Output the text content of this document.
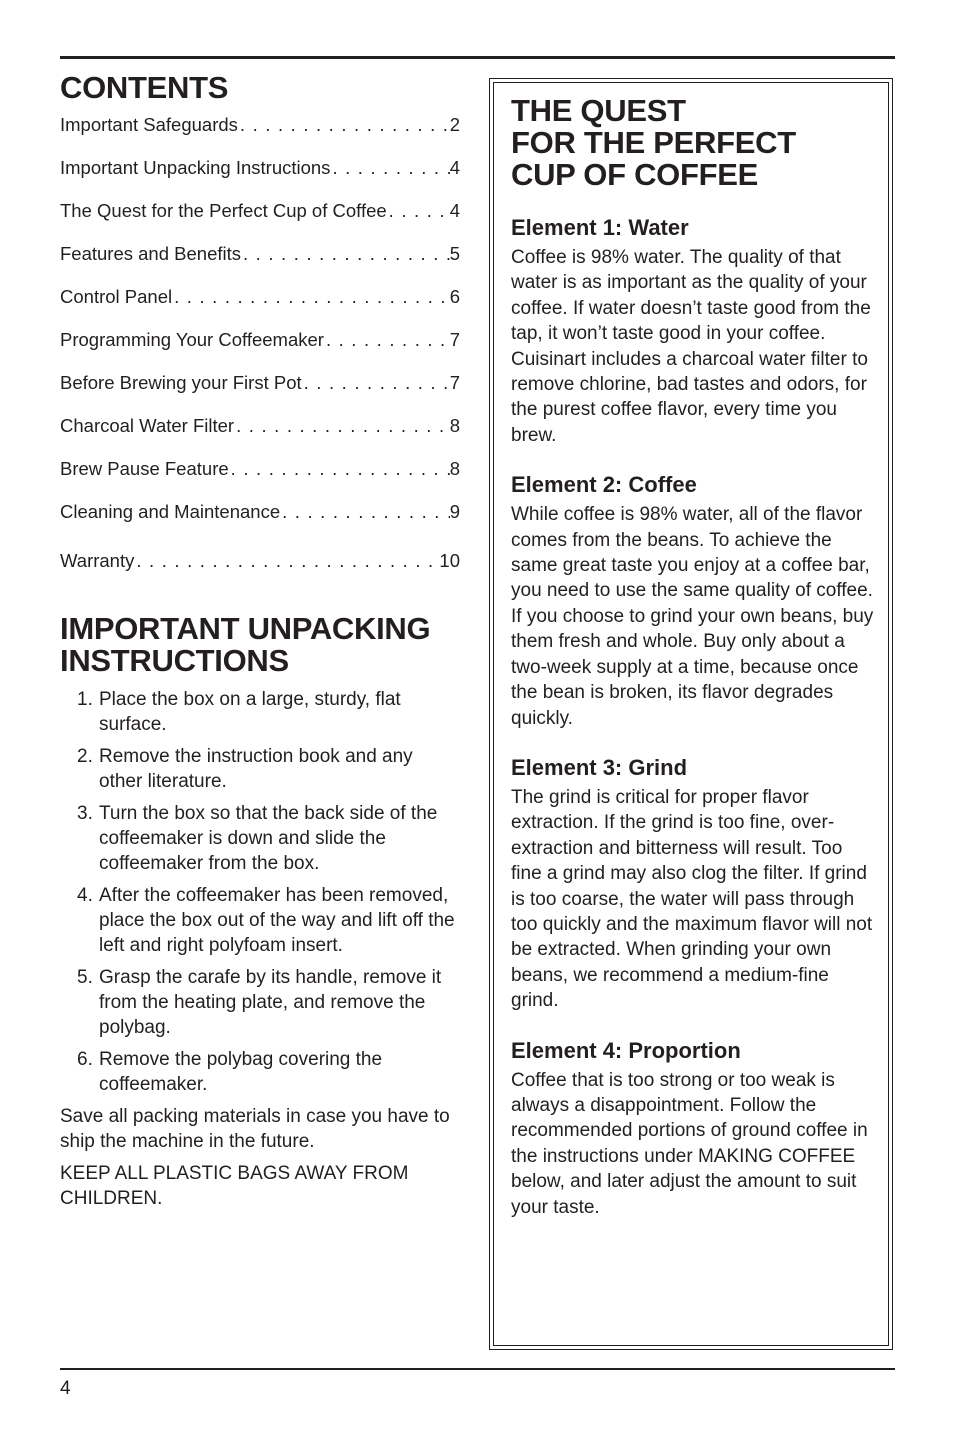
CONTENTS
Important Safeguards . . .	2
Important Unpacking Instructions . . .	4
The Quest for the Perfect Cup of Coffee . . .	4
Features and Benefits . . .	5
Control Panel . . .	6
Programming Your Coffeemaker . . .	7
Before Brewing your First Pot . . .	7
Charcoal Water Filter . . .	8
Brew Pause Feature . . .	8
Cleaning and Maintenance . . .	9
Warranty . . .	10
IMPORTANT UNPACKING
INSTRUCTIONS
1. Place the box on a large, sturdy, flat surface.
2. Remove the instruction book and any other literature.
3. Turn the box so that the back side of the coffeemaker is down and slide the coffeemaker from the box.
4. After the coffeemaker has been removed, place the box out of the way and lift off the left and right polyfoam insert.
5. Grasp the carafe by its handle, remove it from the heating plate, and remove the polybag.
6. Remove the polybag covering the coffeemaker.

Save all packing materials in case you have to ship the machine in the future.

KEEP ALL PLASTIC BAGS AWAY FROM CHILDREN.

THE QUEST
FOR THE PERFECT
CUP OF COFFEE
Element 1: Water

Coffee is 98% water. The quality of that water is as important as the quality of your coffee. If water doesn’t taste good from the tap, it won’t taste good in your coffee. Cuisinart includes a charcoal water filter to remove chlorine, bad tastes and odors, for the purest coffee flavor, every time you brew.

Element 2: Coffee

While coffee is 98% water, all of the flavor comes from the beans. To achieve the same great taste you enjoy at a coffee bar, you need to use the same quality of coffee. If you choose to grind your own beans, buy them fresh and whole. Buy only about a two-week supply at a time, because once the bean is broken, its flavor degrades quickly.

Element 3: Grind

The grind is critical for proper flavor extraction. If the grind is too fine, over-extraction and bitterness will result. Too fine a grind may also clog the filter. If grind is too coarse, the water will pass through too quickly and the maximum flavor will not be extracted. When grinding your own beans, we recommend a medium-fine grind.

Element 4: Proportion

Coffee that is too strong or too weak is always a disappointment. Follow the recommended portions of ground coffee in the instructions under MAKING COFFEE below, and later adjust the amount to suit your taste.

4
